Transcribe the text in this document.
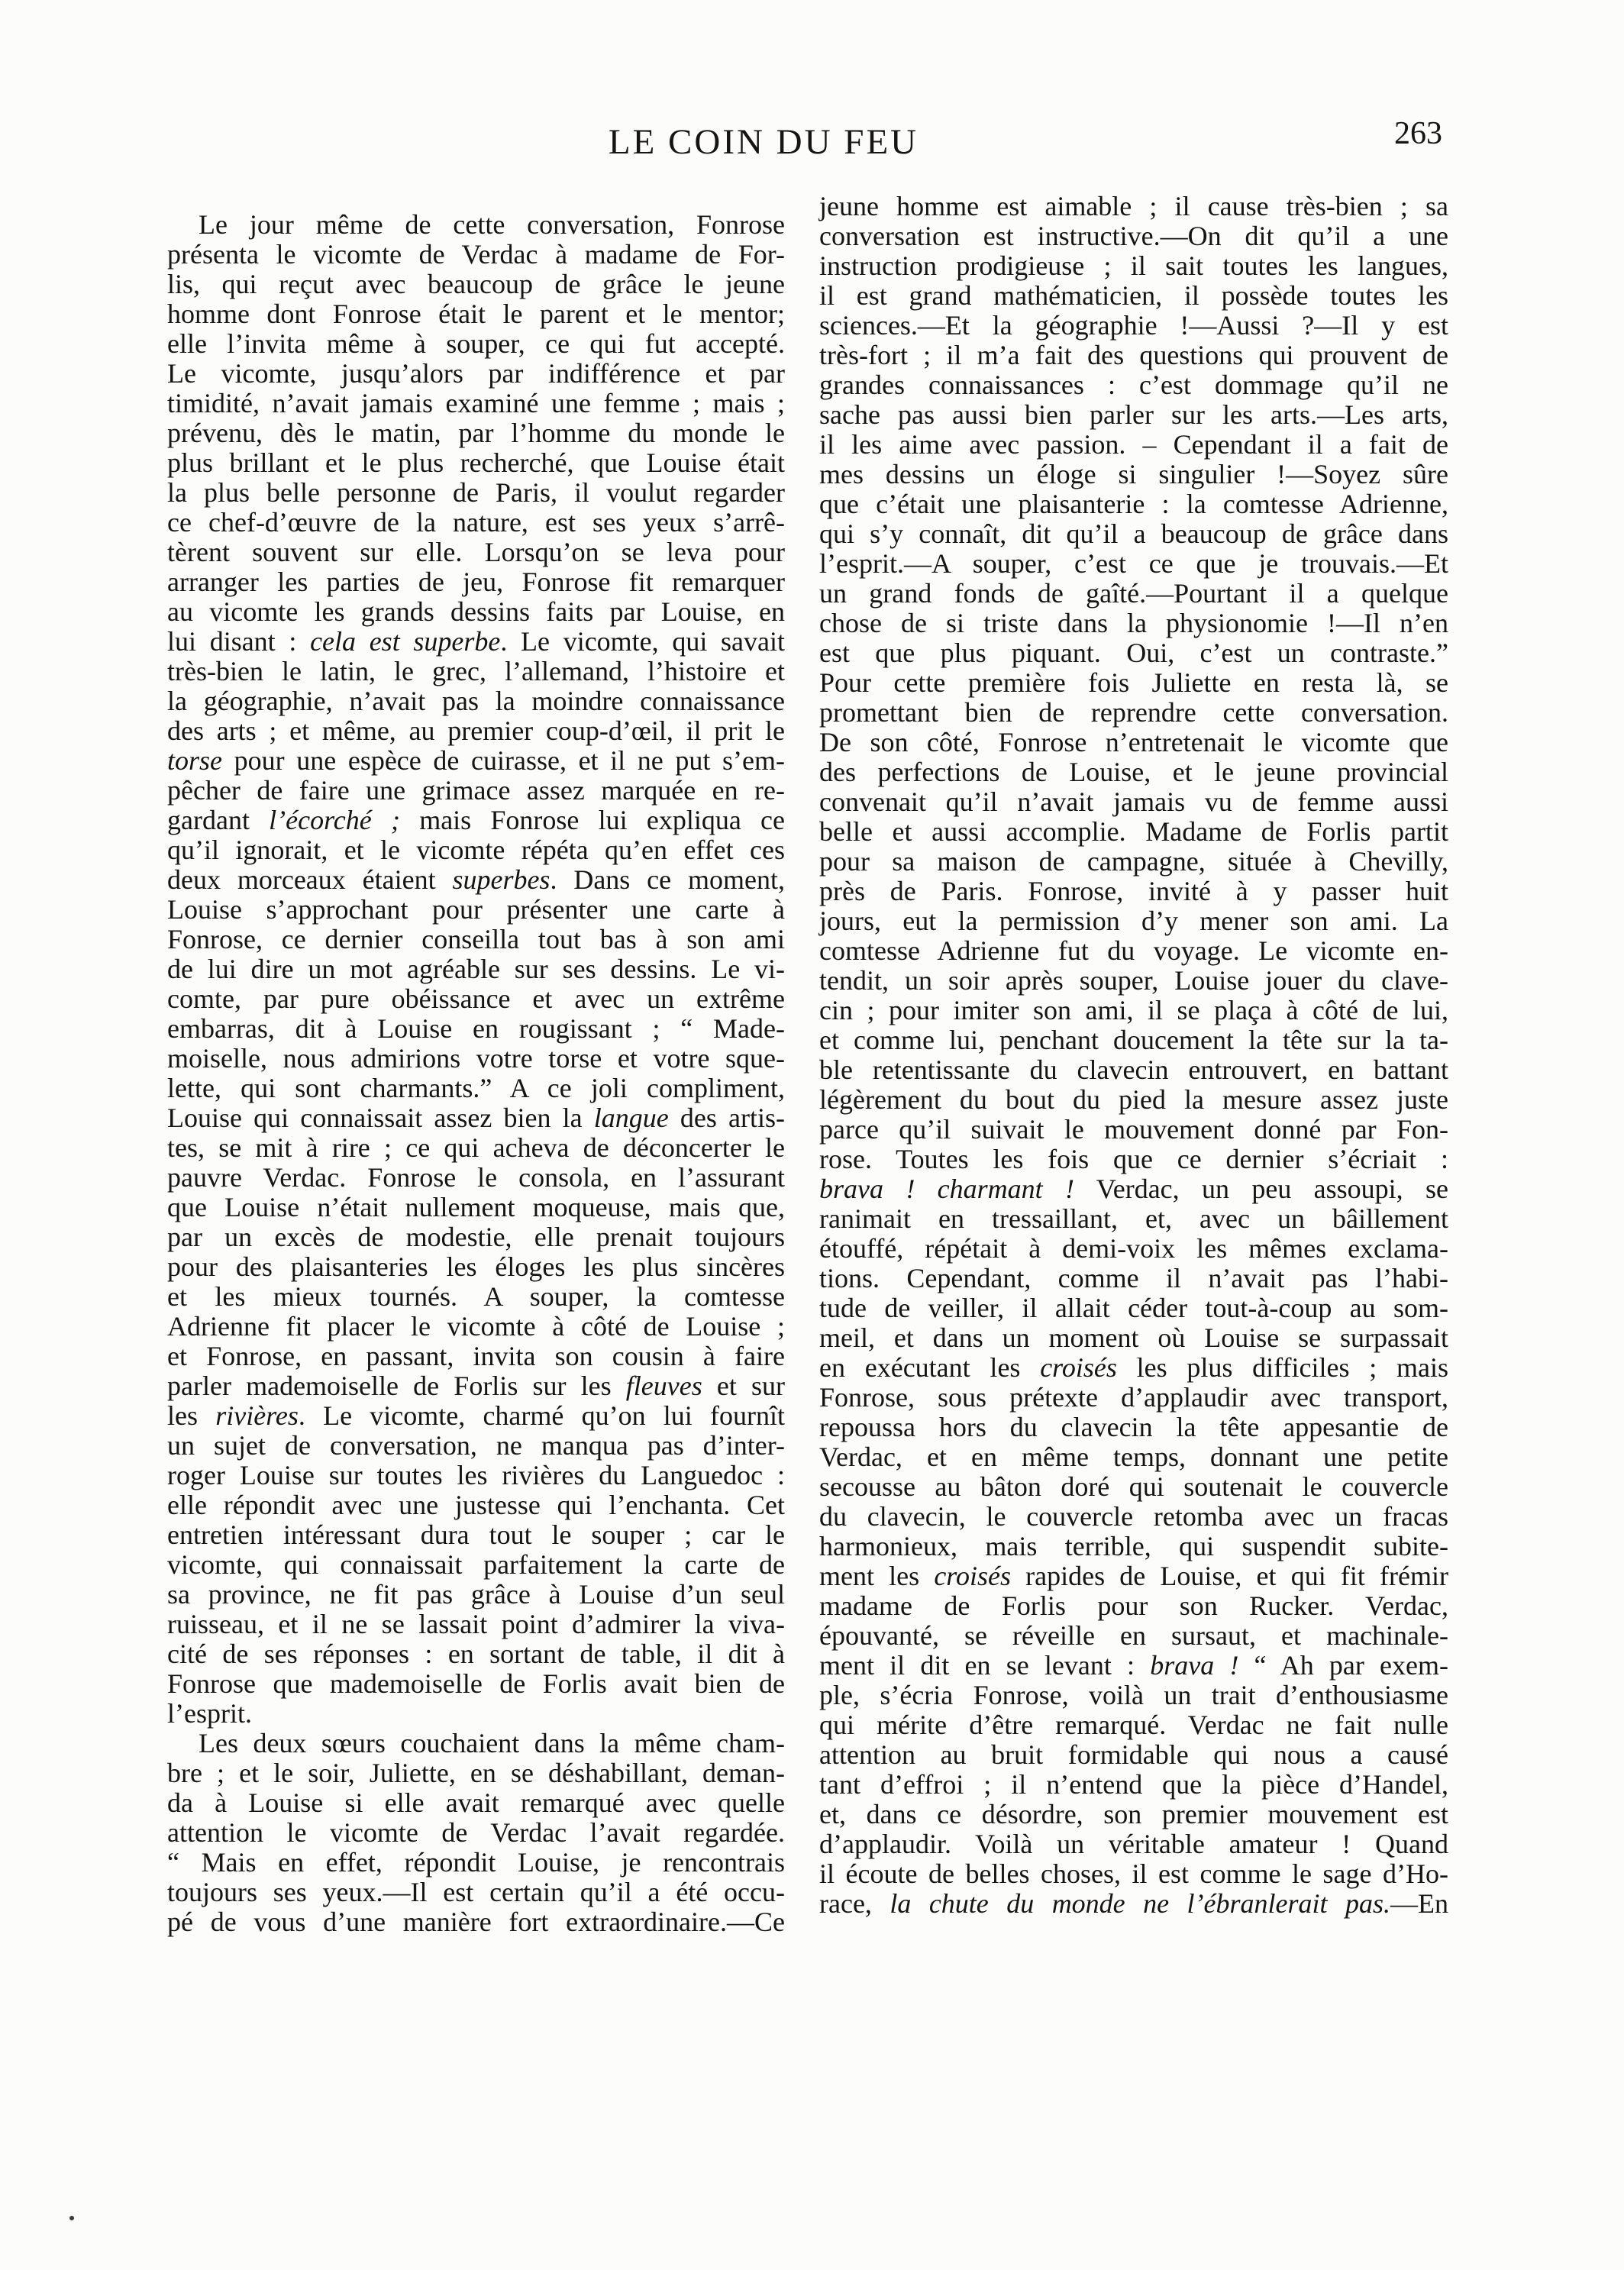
LE COIN DU FEU	263
Le jour même de cette conversation, Fonrose
présenta le vicomte de Verdac à madame de For-
lis, qui reçut avec beaucoup de grâce le jeune
homme dont Fonrose était le parent et le mentor;
elle l’invita même à souper, ce qui fut accepté.
Le vicomte, jusqu’alors par indifférence et par
timidité, n’avait jamais examiné une femme ; mais ;
prévenu, dès le matin, par l’homme du monde le
plus brillant et le plus recherché, que Louise était
la plus belle personne de Paris, il voulut regarder
ce chef-d’œuvre de la nature, est ses yeux s’arrê-
tèrent souvent sur elle. Lorsqu’on se leva pour
arranger les parties de jeu, Fonrose fit remarquer
au vicomte les grands dessins faits par Louise, en
lui disant : cela est superbe. Le vicomte, qui savait
très-bien le latin, le grec, l’allemand, l’histoire et
la géographie, n’avait pas la moindre connaissance
des arts ; et même, au premier coup-d’œil, il prit le
torse pour une espèce de cuirasse, et il ne put s’em-
pêcher de faire une grimace assez marquée en re-
gardant l’écorché ; mais Fonrose lui expliqua ce
qu’il ignorait, et le vicomte répéta qu’en effet ces
deux morceaux étaient superbes. Dans ce moment,
Louise s’approchant pour présenter une carte à
Fonrose, ce dernier conseilla tout bas à son ami
de lui dire un mot agréable sur ses dessins. Le vi-
comte, par pure obéissance et avec un extrême
embarras, dit à Louise en rougissant ; “ Made-
moiselle, nous admirions votre torse et votre sque-
lette, qui sont charmants.” A ce joli compliment,
Louise qui connaissait assez bien la langue des artis-
tes, se mit à rire ; ce qui acheva de déconcerter le
pauvre Verdac. Fonrose le consola, en l’assurant
que Louise n’était nullement moqueuse, mais que,
par un excès de modestie, elle prenait toujours
pour des plaisanteries les éloges les plus sincères
et les mieux tournés. A souper, la comtesse
Adrienne fit placer le vicomte à côté de Louise ;
et Fonrose, en passant, invita son cousin à faire
parler mademoiselle de Forlis sur les fleuves et sur
les rivières. Le vicomte, charmé qu’on lui fournît
un sujet de conversation, ne manqua pas d’inter-
roger Louise sur toutes les rivières du Languedoc :
elle répondit avec une justesse qui l’enchanta. Cet
entretien intéressant dura tout le souper ; car le
vicomte, qui connaissait parfaitement la carte de
sa province, ne fit pas grâce à Louise d’un seul
ruisseau, et il ne se lassait point d’admirer la viva-
cité de ses réponses : en sortant de table, il dit à
Fonrose que mademoiselle de Forlis avait bien de
l’esprit.
Les deux sœurs couchaient dans la même cham-
bre ; et le soir, Juliette, en se déshabillant, deman-
da à Louise si elle avait remarqué avec quelle
attention le vicomte de Verdac l’avait regardée.
“ Mais en effet, répondit Louise, je rencontrais
toujours ses yeux.—Il est certain qu’il a été occu-
pé de vous d’une manière fort extraordinaire.—Ce
jeune homme est aimable ; il cause très-bien ; sa
conversation est instructive.—On dit qu’il a une
instruction prodigieuse ; il sait toutes les langues,
il est grand mathématicien, il possède toutes les
sciences.—Et la géographie !—Aussi ?—Il y est
très-fort ; il m’a fait des questions qui prouvent de
grandes connaissances : c’est dommage qu’il ne
sache pas aussi bien parler sur les arts.—Les arts,
il les aime avec passion. – Cependant il a fait de
mes dessins un éloge si singulier !—Soyez sûre
que c’était une plaisanterie : la comtesse Adrienne,
qui s’y connaît, dit qu’il a beaucoup de grâce dans
l’esprit.—A souper, c’est ce que je trouvais.—Et
un grand fonds de gaîté.—Pourtant il a quelque
chose de si triste dans la physionomie !—Il n’en
est que plus piquant. Oui, c’est un contraste.”
Pour cette première fois Juliette en resta là, se
promettant bien de reprendre cette conversation.
De son côté, Fonrose n’entretenait le vicomte que
des perfections de Louise, et le jeune provincial
convenait qu’il n’avait jamais vu de femme aussi
belle et aussi accomplie. Madame de Forlis partit
pour sa maison de campagne, située à Chevilly,
près de Paris. Fonrose, invité à y passer huit
jours, eut la permission d’y mener son ami. La
comtesse Adrienne fut du voyage. Le vicomte en-
tendit, un soir après souper, Louise jouer du clave-
cin ; pour imiter son ami, il se plaça à côté de lui,
et comme lui, penchant doucement la tête sur la ta-
ble retentissante du clavecin entrouvert, en battant
légèrement du bout du pied la mesure assez juste
parce qu’il suivait le mouvement donné par Fon-
rose. Toutes les fois que ce dernier s’écriait :
brava ! charmant ! Verdac, un peu assoupi, se
ranimait en tressaillant, et, avec un bâillement
étouffé, répétait à demi-voix les mêmes exclama-
tions. Cependant, comme il n’avait pas l’habi-
tude de veiller, il allait céder tout-à-coup au som-
meil, et dans un moment où Louise se surpassait
en exécutant les croisés les plus difficiles ; mais
Fonrose, sous prétexte d’applaudir avec transport,
repoussa hors du clavecin la tête appesantie de
Verdac, et en même temps, donnant une petite
secousse au bâton doré qui soutenait le couvercle
du clavecin, le couvercle retomba avec un fracas
harmonieux, mais terrible, qui suspendit subite-
ment les croisés rapides de Louise, et qui fit frémir
madame de Forlis pour son Rucker. Verdac,
épouvanté, se réveille en sursaut, et machinale-
ment il dit en se levant : brava ! “ Ah par exem-
ple, s’écria Fonrose, voilà un trait d’enthousiasme
qui mérite d’être remarqué. Verdac ne fait nulle
attention au bruit formidable qui nous a causé
tant d’effroi ; il n’entend que la pièce d’Handel,
et, dans ce désordre, son premier mouvement est
d’applaudir. Voilà un véritable amateur ! Quand
il écoute de belles choses, il est comme le sage d’Ho-
race, la chute du monde ne l’ébranlerait pas.—En
